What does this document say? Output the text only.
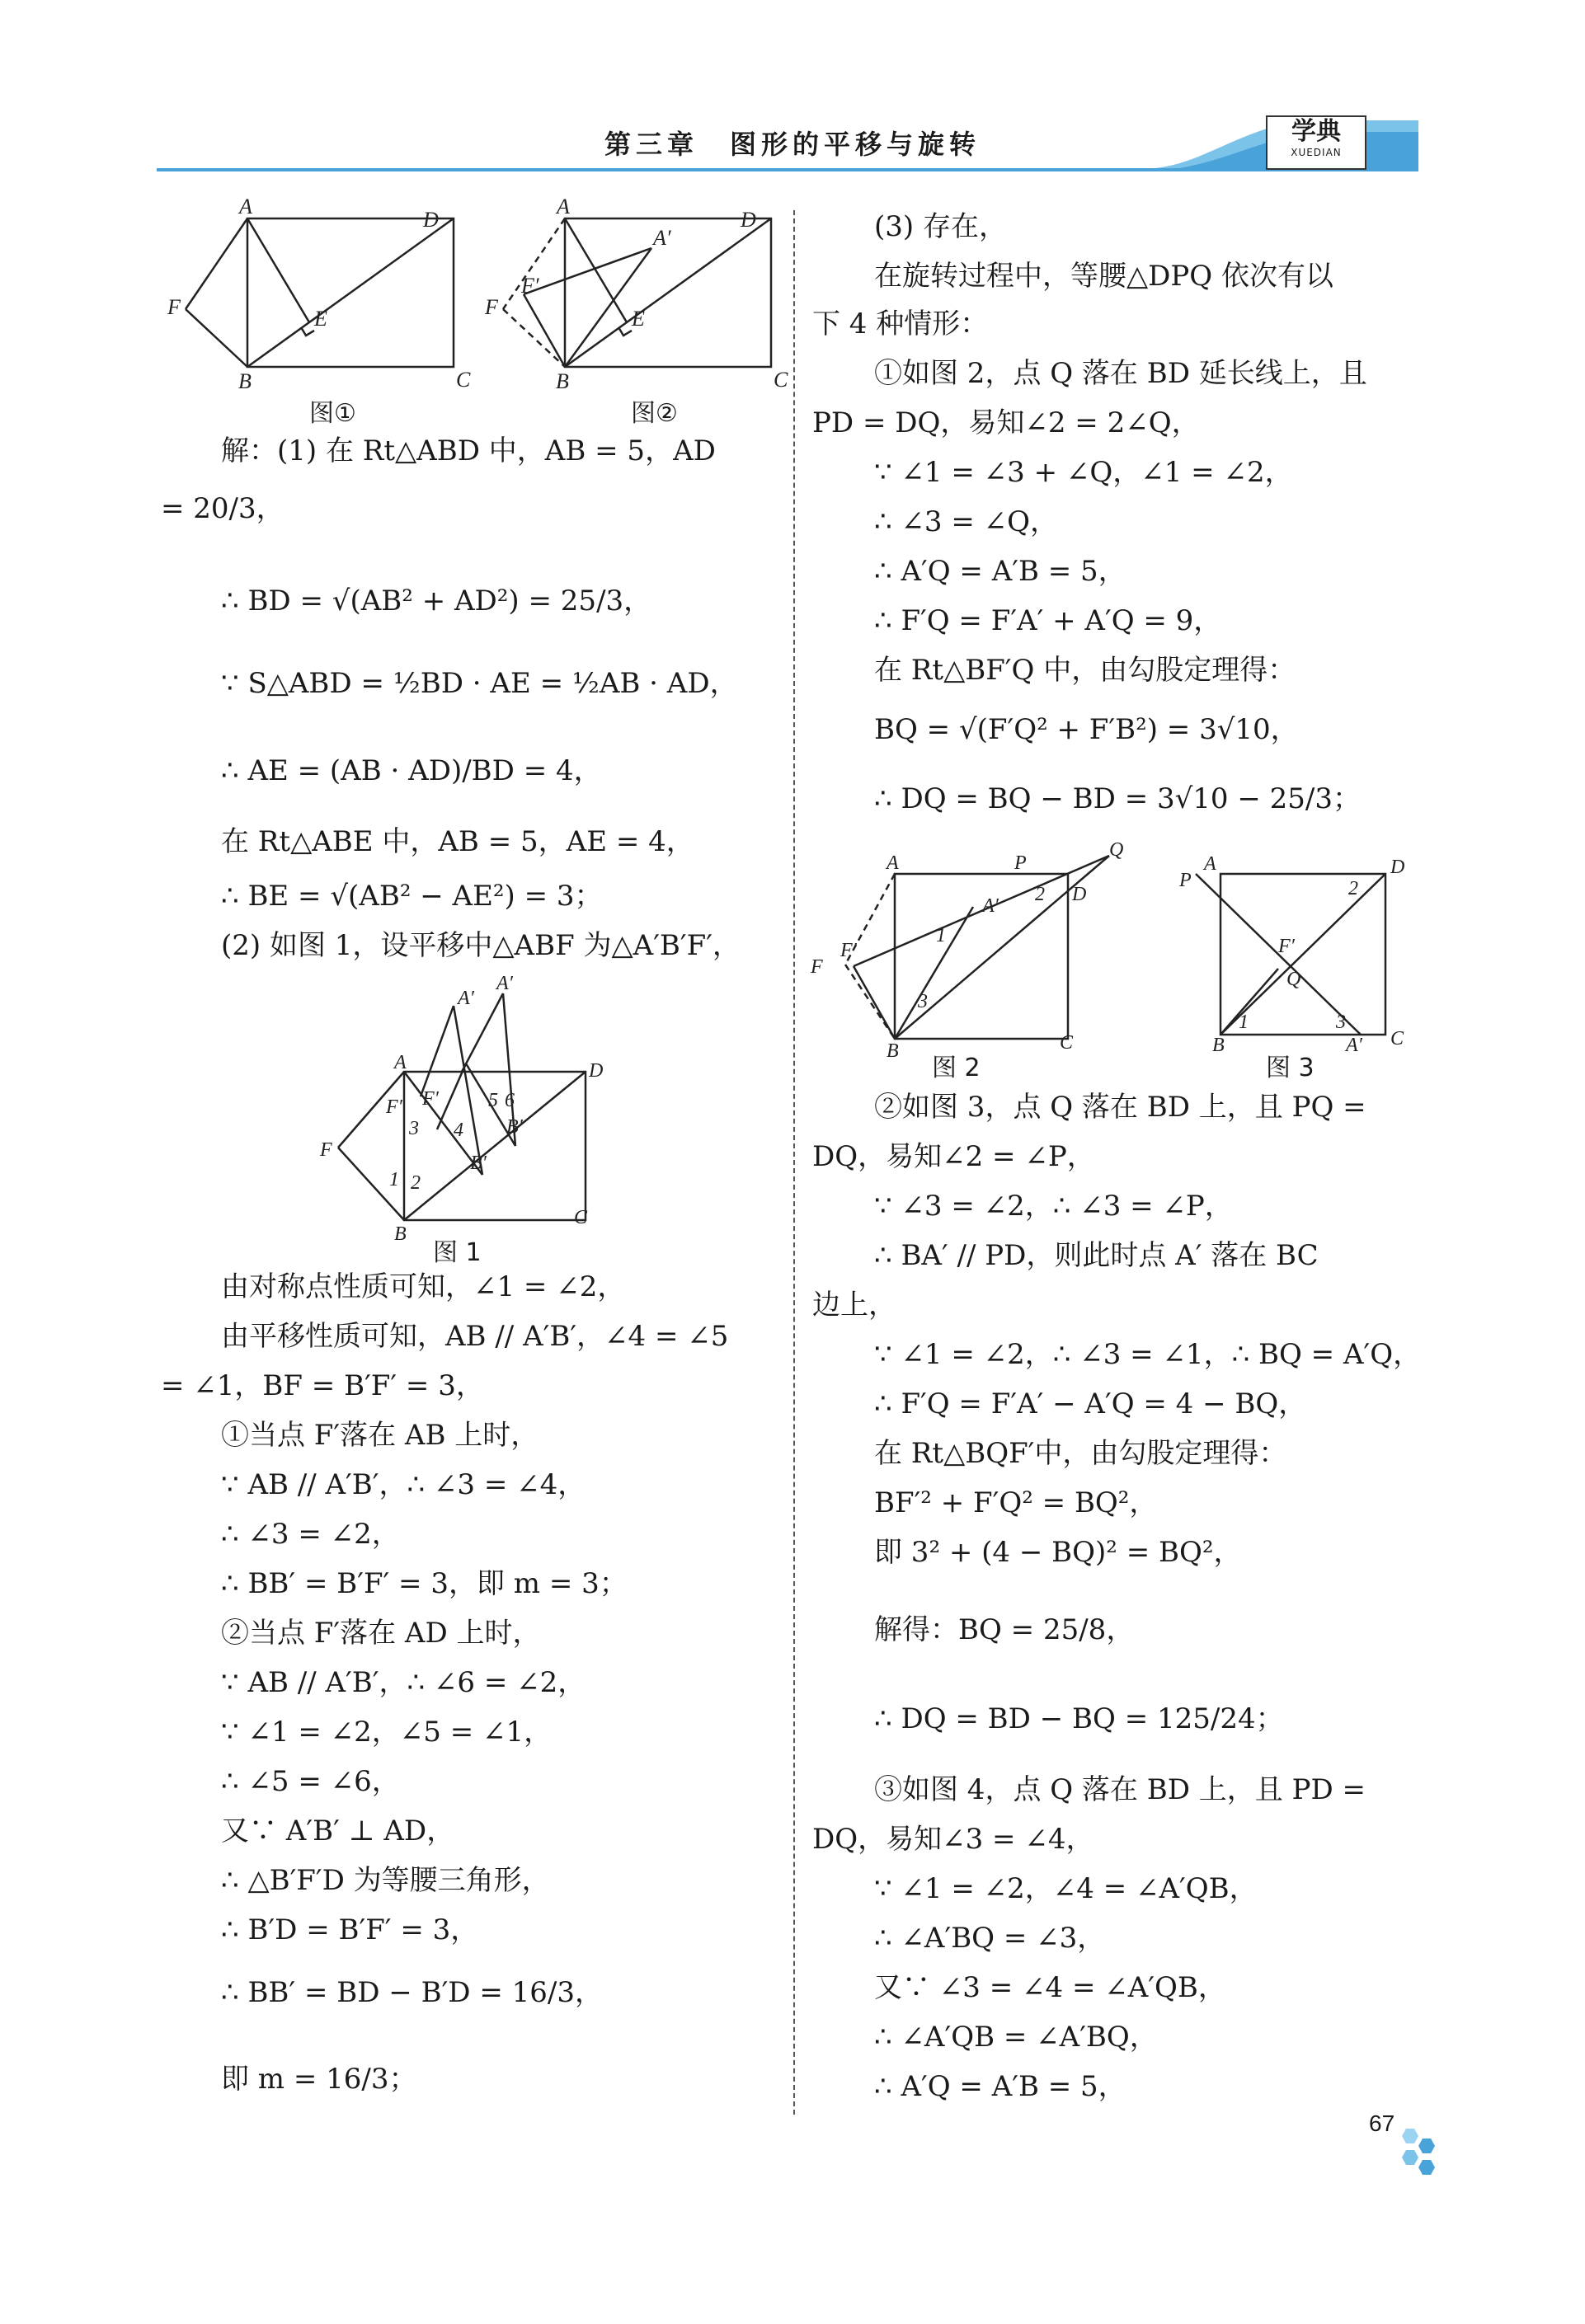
第三章　图形的平移与旋转	学典
XUEDIAN
A
D
F	E
B	C
图①
A
D
A′
F′
F	E
B	C
图②
解：(1) 在 Rt△ABD 中，AB = 5，AD
= 20/3，
∴ BD = √(AB² + AD²) = 25/3，
∵ S△ABD = ½BD · AE = ½AB · AD，
∴ AE = (AB · AD)/BD = 4，
在 Rt△ABE 中，AB = 5，AE = 4，
∴ BE = √(AB² − AE²) = 3；
(2) 如图 1，设平移中△ABF 为△A′B′F′，
A′
A′
A	D
F′ F′
3 4
5 6
B′
B′
F
1 2
B
C
图 1
由对称点性质可知，∠1 = ∠2，
由平移性质可知，AB // A′B′，∠4 = ∠5
= ∠1，BF = B′F′ = 3，
①当点 F′落在 AB 上时，
∵ AB // A′B′，∴ ∠3 = ∠4，
∴ ∠3 = ∠2，
∴ BB′ = B′F′ = 3，即 m = 3；
②当点 F′落在 AD 上时，
∵ AB // A′B′，∴ ∠6 = ∠2，
∵ ∠1 = ∠2，∠5 = ∠1，
∴ ∠5 = ∠6，
又∵ A′B′ ⊥ AD，
∴ △B′F′D 为等腰三角形，
∴ B′D = B′F′ = 3，
∴ BB′ = BD − B′D = 16/3，
即 m = 16/3；
(3) 存在，
在旋转过程中，等腰△DPQ 依次有以
下 4 种情形：
①如图 2，点 Q 落在 BD 延长线上，且
PD = DQ，易知∠2 = 2∠Q，
∵ ∠1 = ∠3 + ∠Q，∠1 = ∠2，
∴ ∠3 = ∠Q，
∴ A′Q = A′B = 5，
∴ F′Q = F′A′ + A′Q = 9，
在 Rt△BF′Q 中，由勾股定理得：
BQ = √(F′Q² + F′B²) = 3√10，
∴ DQ = BQ − BD = 3√10 − 25/3；
A	P
Q
2 D
A′
1
F
F′
3
B	C
图 2
P
A	D
2
F′
Q
B
1	3
A′ C
图 3
②如图 3，点 Q 落在 BD 上，且 PQ =
DQ，易知∠2 = ∠P，
∵ ∠3 = ∠2，∴ ∠3 = ∠P，
∴ BA′ // PD，则此时点 A′ 落在 BC
边上，
∵ ∠1 = ∠2，∴ ∠3 = ∠1，∴ BQ = A′Q，
∴ F′Q = F′A′ − A′Q = 4 − BQ，
在 Rt△BQF′中，由勾股定理得：
BF′² + F′Q² = BQ²，
即 3² + (4 − BQ)² = BQ²，
解得：BQ = 25/8，
∴ DQ = BD − BQ = 125/24；
③如图 4，点 Q 落在 BD 上，且 PD =
DQ，易知∠3 = ∠4，
∵ ∠1 = ∠2，∠4 = ∠A′QB，
∴ ∠A′BQ = ∠3，
又∵ ∠3 = ∠4 = ∠A′QB，
∴ ∠A′QB = ∠A′BQ，
∴ A′Q = A′B = 5，
67
